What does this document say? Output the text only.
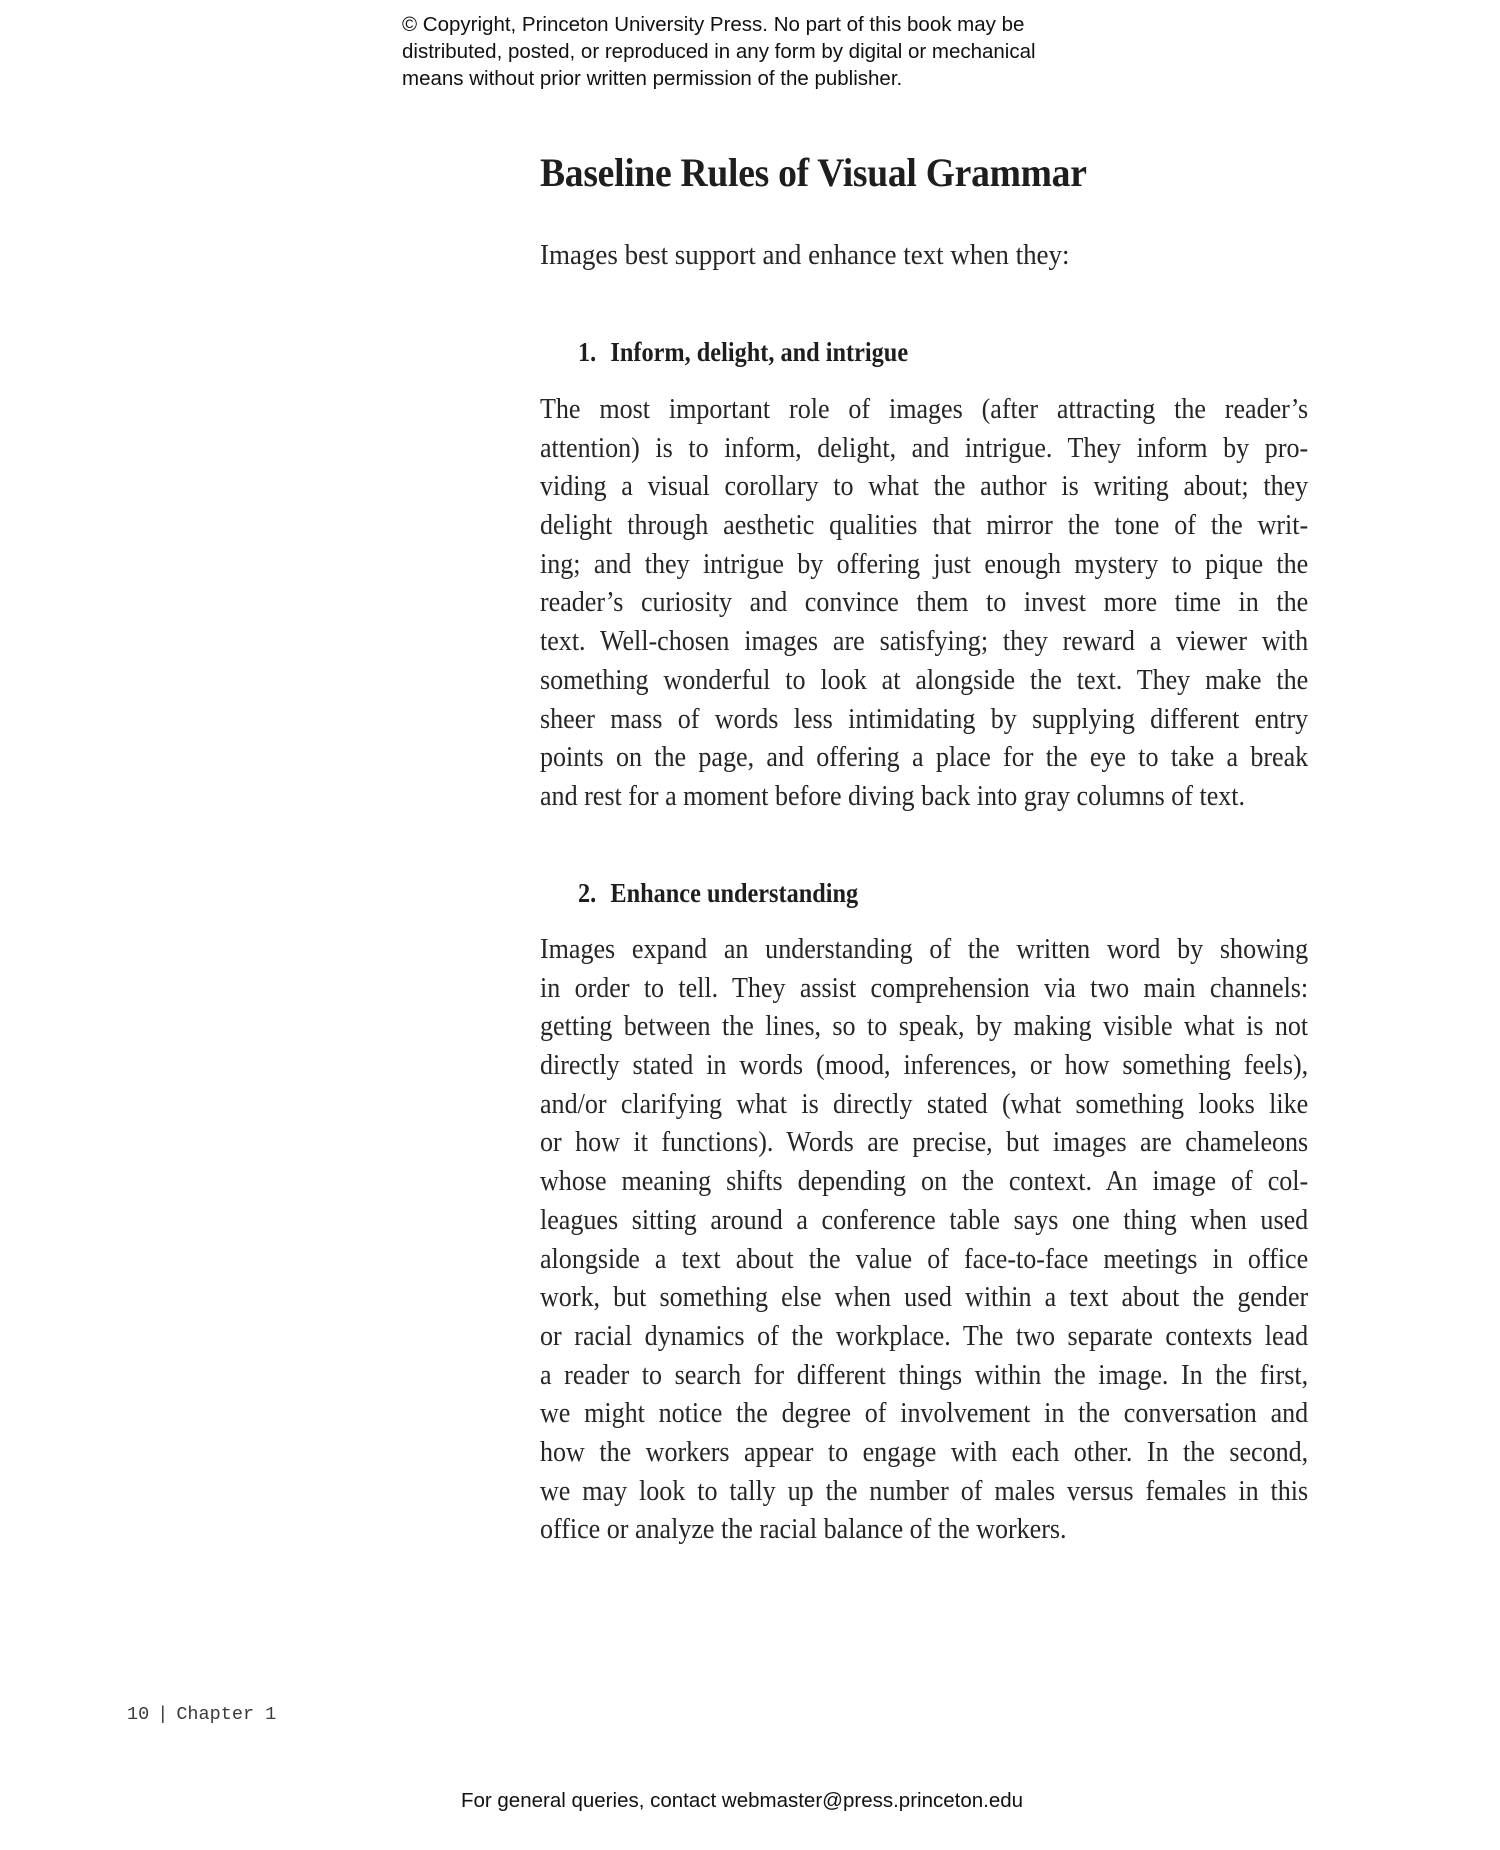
© Copyright, Princeton University Press. No part of this book may be
distributed, posted, or reproduced in any form by digital or mechanical
means without prior written permission of the publisher.
Baseline Rules of Visual Grammar

Images best support and enhance text when they:

1. Inform, delight, and intrigue
The most important role of images (after attracting the reader’s
attention) is to inform, delight, and intrigue. They inform by pro-
viding a visual corollary to what the author is writing about; they
delight through aesthetic qualities that mirror the tone of the writ-
ing; and they intrigue by offering just enough mystery to pique the
reader’s curiosity and convince them to invest more time in the
text. Well-chosen images are satisfying; they reward a viewer with
something wonderful to look at alongside the text. They make the
sheer mass of words less intimidating by supplying different entry
points on the page, and offering a place for the eye to take a break
and rest for a moment before diving back into gray columns of text.
2. Enhance understanding
Images expand an understanding of the written word by showing
in order to tell. They assist comprehension via two main channels:
getting between the lines, so to speak, by making visible what is not
directly stated in words (mood, inferences, or how something feels),
and/or clarifying what is directly stated (what something looks like
or how it functions). Words are precise, but images are chameleons
whose meaning shifts depending on the context. An image of col-
leagues sitting around a conference table says one thing when used
alongside a text about the value of face-to-face meetings in office
work, but something else when used within a text about the gender
or racial dynamics of the workplace. The two separate contexts lead
a reader to search for different things within the image. In the first,
we might notice the degree of involvement in the conversation and
how the workers appear to engage with each other. In the second,
we may look to tally up the number of males versus females in this
office or analyze the racial balance of the workers.
10 | Chapter 1
For general queries, contact webmaster@press.princeton.edu
